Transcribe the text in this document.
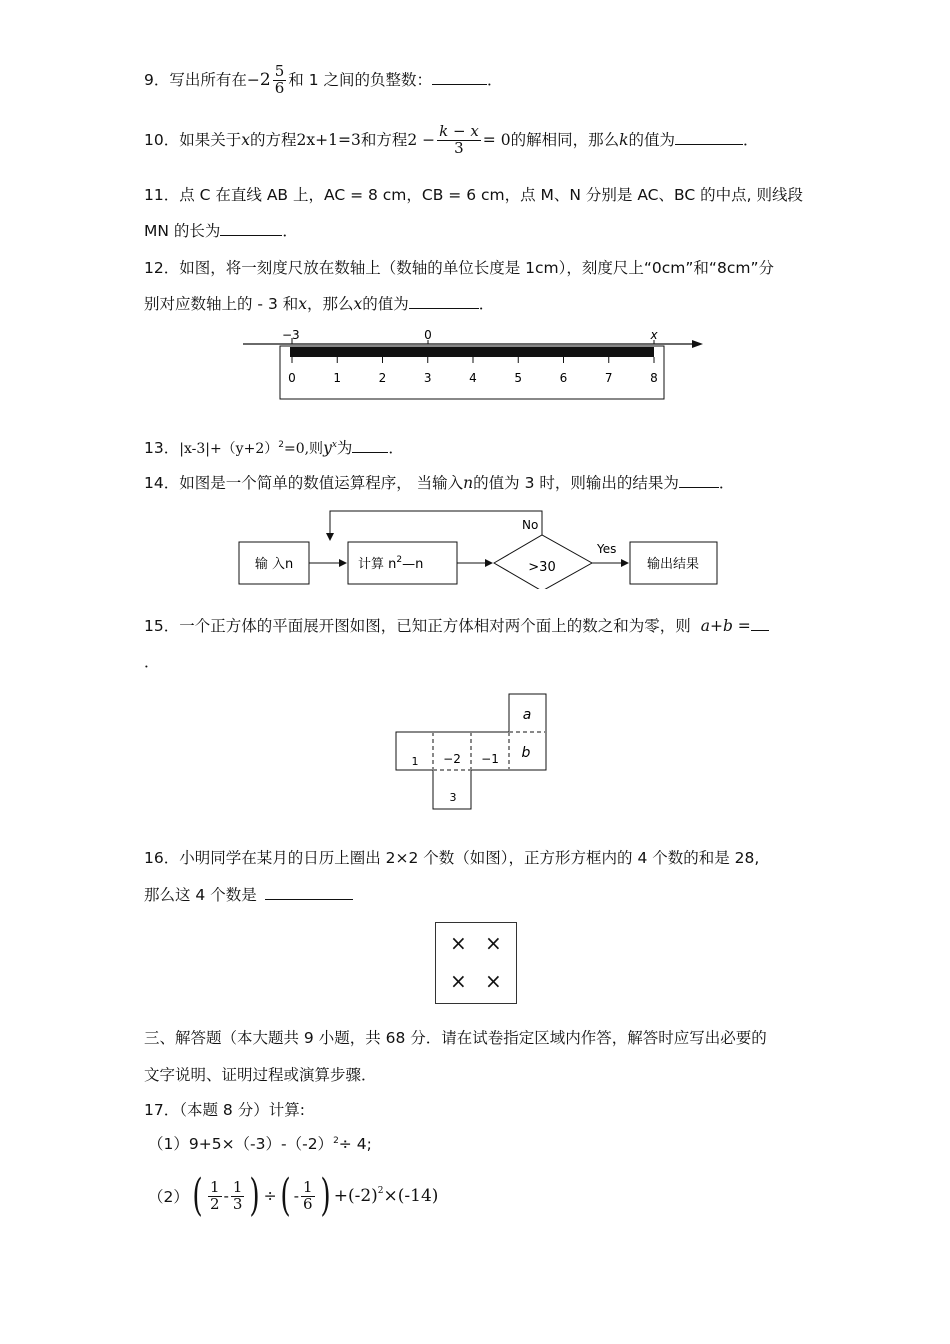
9．写出所有在$-2 \frac{5}{6}$ 和 1 之间的负整数：	．
10．如果关于x的方程2x+1=3和方程$2 - \frac{k - x}{3} = 0$的解相同，那么k的值为	．
11．点 C 在直线 AB 上，AC = 8 cm，CB = 6 cm，点 M、N 分别是 AC、BC 的中点, 则线段
MN 的长为	．
12．如图，将一刻度尺放在数轴上（数轴的单位长度是 1cm），刻度尺上“0cm”和“8cm”分
别对应数轴上的 - 3 和x，那么x的值为	．
−3	0	x
0	1	2	3	4	5	6	7	8
13．$|x-3|+(y+2)^2=0$,则$y^x$为 ．
14．如图是一个简单的数值运算程序， 当输入n的值为 3 时，则输出的结果为	．
输 入n	计算 $n^2—n$	>30
No
Yes
输出结果
15．一个正方体的平面展开图如图，已知正方体相对两个面上的数之和为零，则 a+b =
．
a
1 −2 −1 b
3
16．小明同学在某月的日历上圈出 2×2 个数（如图），正方形方框内的 4 个数的和是 28,
那么这 4 个数是
× ×
× ×
三、解答题（本大题共 9 小题，共 68 分．请在试卷指定区域内作答，解答时应写出必要的
文字说明、证明过程或演算步骤．
17．（本题 8 分）计算:
$(1)9+5\times(-3)-(-2)^2\div 4$;
（2） ( $\frac{1}{2} - \frac{1}{3}$ ) ÷ ( - $\frac{1}{6}$ ) $+(-2)^2 \times(-14)$
